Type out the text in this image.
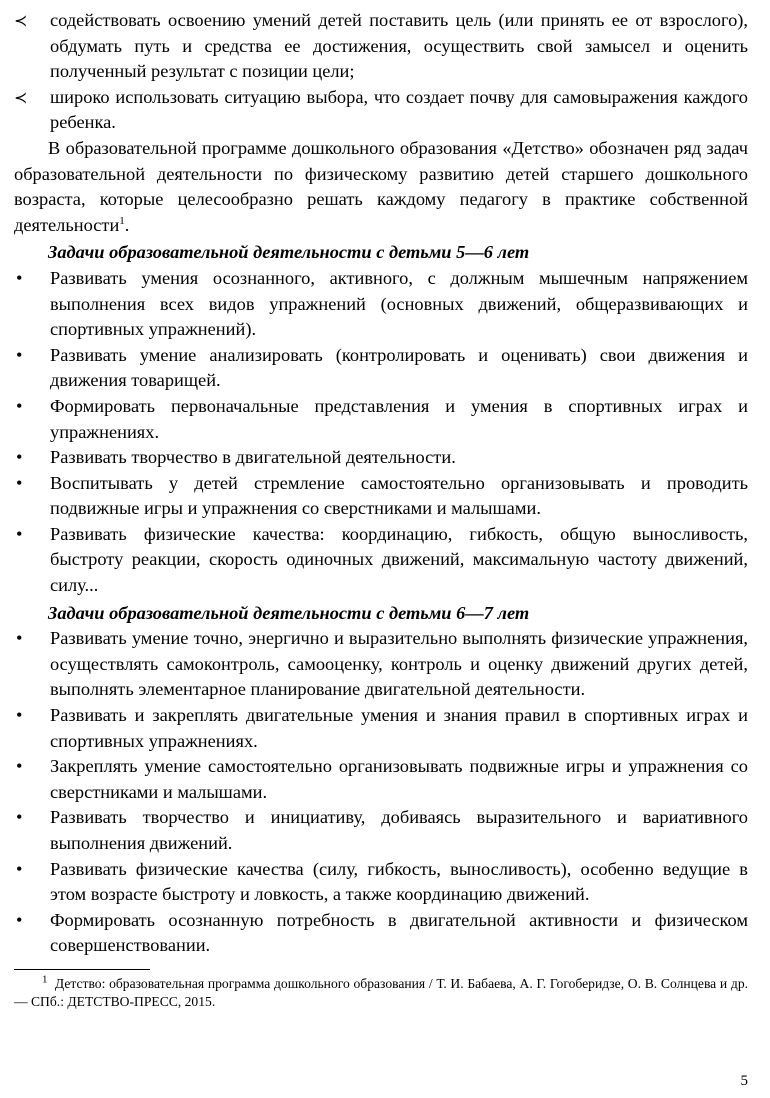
≺	содействовать освоению умений детей поставить цель (или принять ее от взрослого), обдумать путь и средства ее достижения, осуществить свой замысел и оценить полученный результат с позиции цели;
≺	широко использовать ситуацию выбора, что создает почву для самовыражения каждого ребенка.

В образовательной программе дошкольного образования «Детство» обозначен ряд задач образовательной деятельности по физическому развитию детей старшего дошкольного возраста, которые целесообразно решать каждому педагогу в практике собственной деятельности$^1$.

Задачи образовательной деятельности с детьми 5—6 лет

•	Развивать умения осознанного, активного, с должным мышечным напряжением выполнения всех видов упражнений (основных движений, общеразвивающих и спортивных упражнений).
•	Развивать умение анализировать (контролировать и оценивать) свои движения и движения товарищей.
•	Формировать первоначальные представления и умения в спортивных играх и упражнениях.
•	Развивать творчество в двигательной деятельности.
•	Воспитывать у детей стремление самостоятельно организовывать и проводить подвижные игры и упражнения со сверстниками и малышами.
•	Развивать физические качества: координацию, гибкость, общую выносливость, быстроту реакции, скорость одиночных движений, максимальную частоту движений, силу...

Задачи образовательной деятельности с детьми 6—7 лет

•	Развивать умение точно, энергично и выразительно выполнять физические упражнения, осуществлять самоконтроль, самооценку, контроль и оценку движений других детей, выполнять элементарное планирование двигательной деятельности.
•	Развивать и закреплять двигательные умения и знания правил в спортивных играх и спортивных упражнениях.
•	Закреплять умение самостоятельно организовывать подвижные игры и упражнения со сверстниками и малышами.
•	Развивать творчество и инициативу, добиваясь выразительного и вариативного выполнения движений.
•	Развивать физические качества (силу, гибкость, выносливость), особенно ведущие в этом возрасте быстроту и ловкость, а также координацию движений.
•	Формировать осознанную потребность в двигательной активности и физическом совершенствовании.

$^1$ Детство: образовательная программа дошкольного образования / Т. И. Бабаева, А. Г. Гогоберидзе, О. В. Солнцева и др. — СПб.: ДЕТСТВО-ПРЕСС, 2015.

5
